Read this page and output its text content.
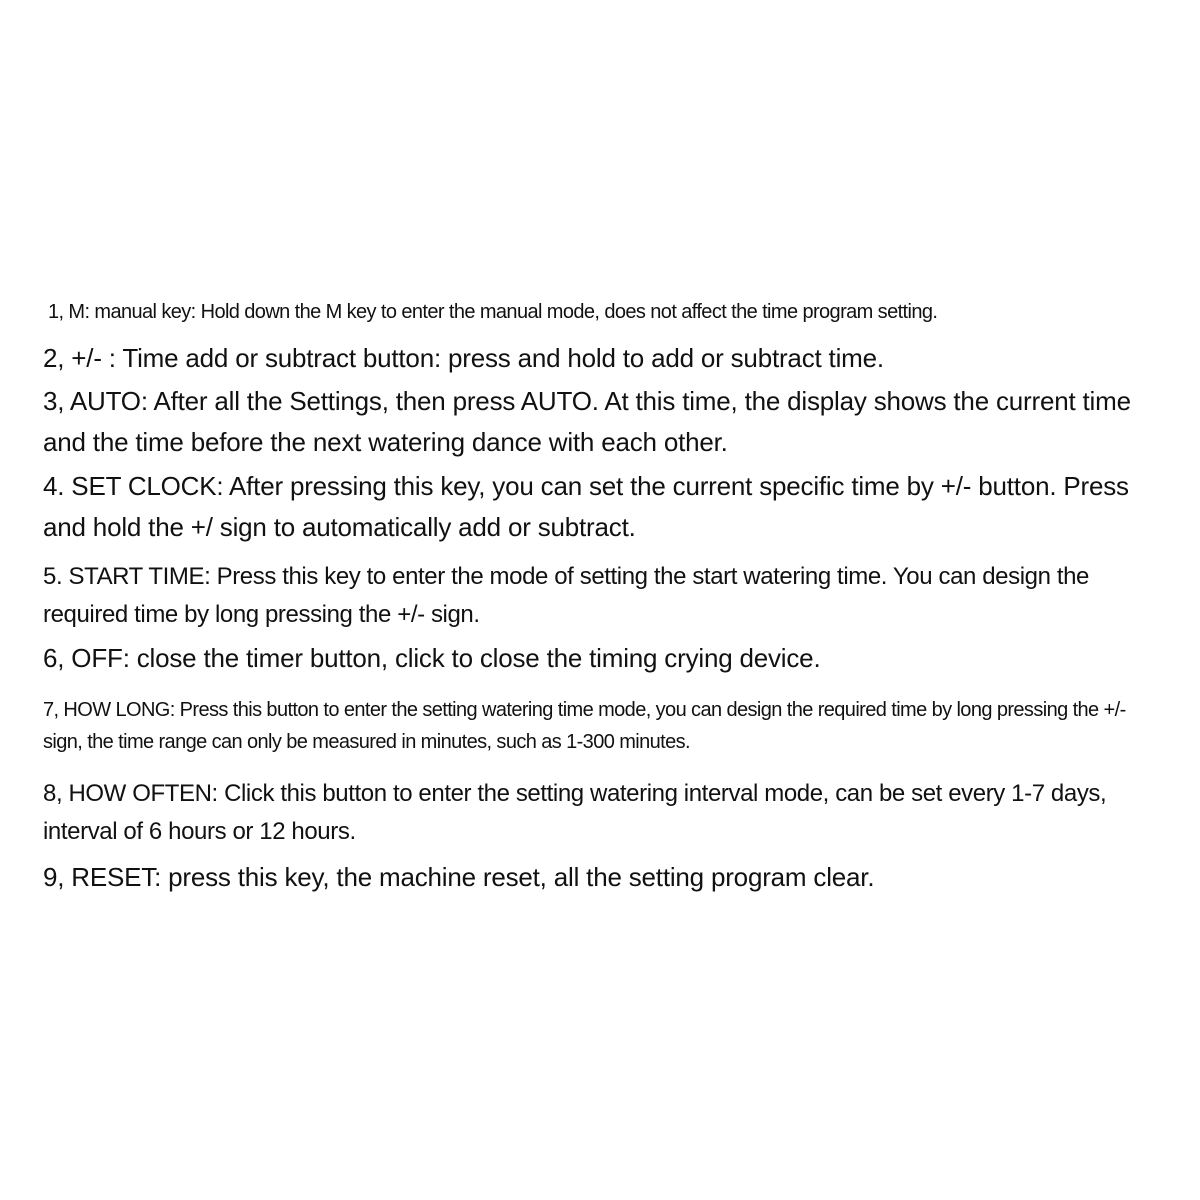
1, M: manual key: Hold down the M key to enter the manual mode, does not affect the time program setting.

2, +/- : Time add or subtract button: press and hold to add or subtract time.

3, AUTO: After all the Settings, then press AUTO. At this time, the display shows the current time and the time before the next watering dance with each other.

4. SET CLOCK: After pressing this key, you can set the current specific time by +/- button. Press and hold the +/ sign to automatically add or subtract.

5. START TIME: Press this key to enter the mode of setting the start watering time. You can design the required time by long pressing the +/- sign.

6, OFF: close the timer button, click to close the timing crying device.

7, HOW LONG: Press this button to enter the setting watering time mode, you can design the required time by long pressing the +/- sign, the time range can only be measured in minutes, such as 1-300 minutes.

8, HOW OFTEN: Click this button to enter the setting watering interval mode, can be set every 1-7 days, interval of 6 hours or 12 hours.

9, RESET: press this key, the machine reset, all the setting program clear.
